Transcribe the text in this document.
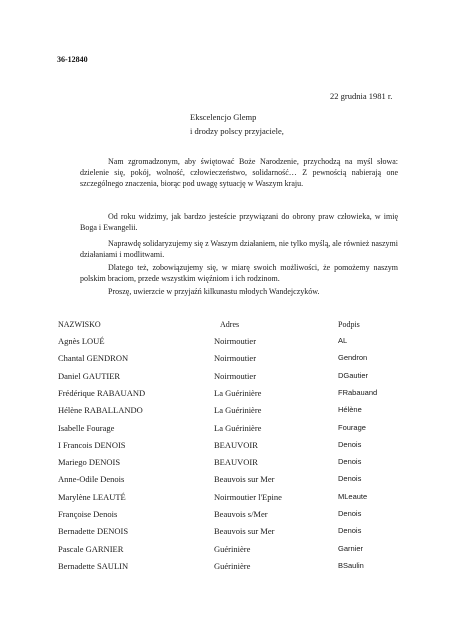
36-12840
22 grudnia 1981 r.
Ekscelencjo Glemp
i drodzy polscy przyjaciele,

Nam zgromadzonym, aby świętować Boże Narodzenie, przychodzą na myśl słowa: dzielenie się, pokój, wolność, człowieczeństwo, solidarność… Z pewnością nabierają one szczególnego znaczenia, biorąc pod uwagę sytuację w Waszym kraju.

Od roku widzimy, jak bardzo jesteście przywiązani do obrony praw człowieka, w imię Boga i Ewangelii.

Naprawdę solidaryzujemy się z Waszym działaniem, nie tylko myślą, ale również naszymi działaniami i modlitwami.

Dlatego też, zobowiązujemy się, w miarę swoich możliwości, że pomożemy naszym polskim braciom, przede wszystkim więźniom i ich rodzinom.

Proszę, uwierzcie w przyjaźń kilkunastu młodych Wandejczyków.

NAZWISKO	Adres	Podpis
Agnès LOUÉ	Noirmoutier	AL
Chantal GENDRON	Noirmoutier	Gendron
Daniel GAUTIER	Noirmoutier	DGautier
Frédérique RABAUAND	La Guérinière	FRabauand
Hélène RABALLANDO	La Guérinière	Hélène
Isabelle Fourage	La Guérinière	Fourage
I Francois DENOIS	BEAUVOIR	Denois
Mariego DENOIS	BEAUVOIR	Denois
Anne-Odile Denois	Beauvois sur Mer	Denois
Marylène LEAUTÉ	Noirmoutier l'Epine	MLeaute
Françoise Denois	Beauvois s/Mer	Denois
Bernadette DENOIS	Beauvois sur Mer	Denois
Pascale GARNIER	Guérinière	Garnier
Bernadette SAULIN	Guérinière	BSaulin
